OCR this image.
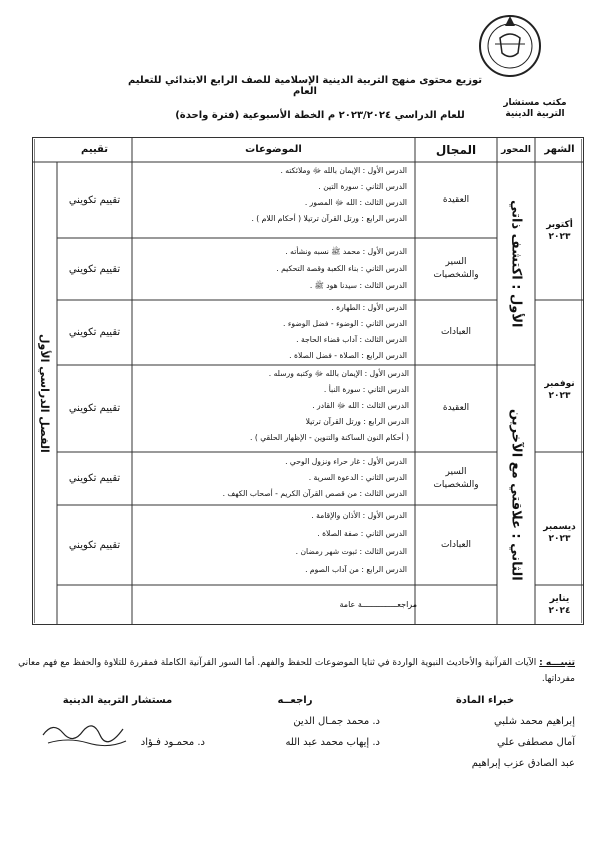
مكتب مستشار
التربية الدينية
توزيع محتوى منهج التربية الدينية الإسلامية للصف الرابع الابتدائي للتعليم العام
للعام الدراسي ٢٠٢٣/٢٠٢٤ م الخطة الأسبوعية (فترة واحدة)
الشهر
المحور
المجال
الموضوعات
تقييم
الفصل الدراسي الأول
الأول : اكتشف ذاتي
الثاني : علاقتي مع الآخرين
أكتوبر
٢٠٢٣
نوفمبر
٢٠٢٣
ديسمبر
٢٠٢٣
يناير
٢٠٢٤
العقيدة
السير والشخصيات
العبادات
العقيدة
السير والشخصيات
العبادات
الدرس الأول : الإيمان بالله ﷻ وملائكته .
الدرس الثاني : سورة التين .
الدرس الثالث : الله ﷻ المصور .
الدرس الرابع : ورتل القرآن ترتيلا ( أحكام اللام ) .
الدرس الأول : محمد ﷺ نسبه ونشأته .
الدرس الثاني : بناء الكعبة وقصة التحكيم .
الدرس الثالث : سيدنا هود ﷺ .
الدرس الأول : الطهارة .
الدرس الثاني : الوضوء - فضل الوضوء .
الدرس الثالث : آداب قضاء الحاجة .
الدرس الرابع : الصلاة - فضل الصلاة .
الدرس الأول : الإيمان بالله ﷻ وكتبه ورسله .
الدرس الثاني : سورة النبأ .
الدرس الثالث : الله ﷻ القادر .
الدرس الرابع : ورتل القرآن ترتيلا
( أحكام النون الساكنة والتنوين - الإظهار الحلقي ) .
الدرس الأول : غار حراء ونزول الوحي .
الدرس الثاني : الدعوة السرية .
الدرس الثالث : من قصص القرآن الكريم - أصحاب الكهف .
الدرس الأول : الأذان والإقامة .
الدرس الثاني : صفة الصلاة .
الدرس الثالث : ثبوت شهر رمضان .
الدرس الرابع : من آداب الصوم .
مراجعـــــــــــــــة عامة
تقييم تكويني
تقييم تكويني
تقييم تكويني
تقييم تكويني
تقييم تكويني
تقييم تكويني
تنبيـــه : الآيات القرآنية والأحاديث النبوية الواردة في ثنايا الموضوعات للحفظ والفهم. أما السور القرآنية الكاملة فمقررة للتلاوة والحفظ مع فهم معاني مفرداتها.
خبراء المادة
إبراهيم محمد شلبي
آمال مصطفى علي
عبد الصادق عزب إبراهيم
راجعــه
د. محمد جمـال الدين
د. إيهاب محمد عبد الله
مستشار التربية الدينية
د. محمـود فـؤاد
